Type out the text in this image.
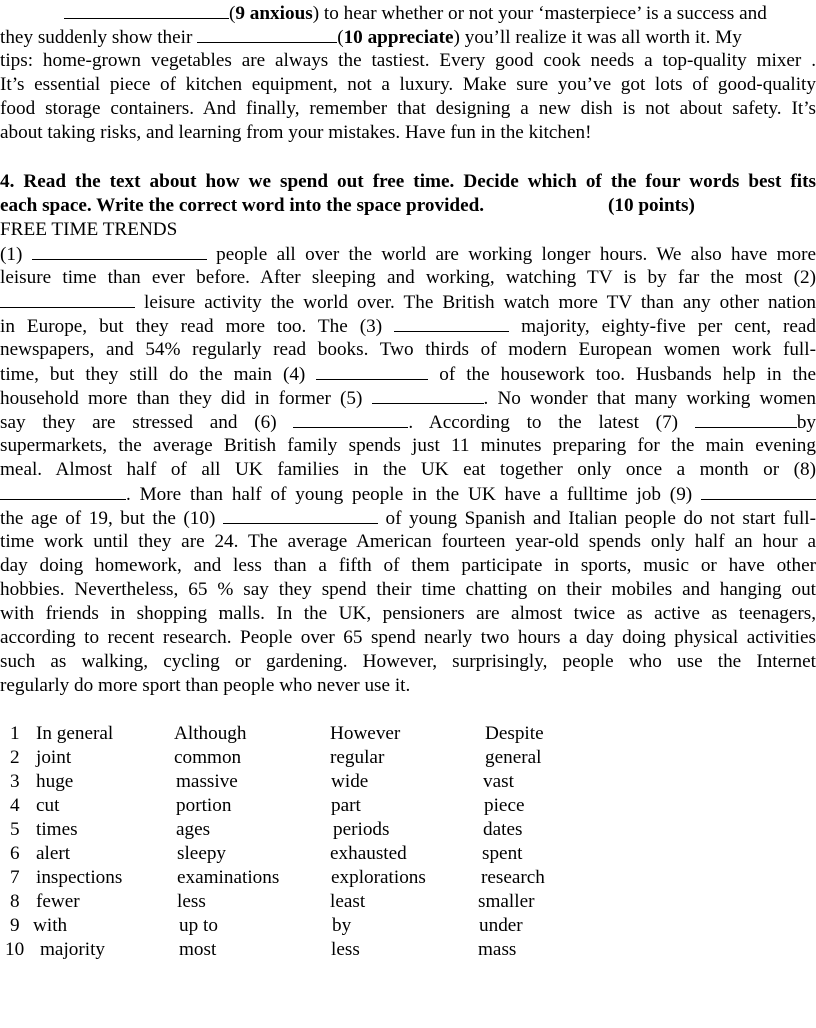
(9 anxious) to hear whether or not your ‘masterpiece’ is a success and
they suddenly show their	(10 appreciate) you’ll realize it was all worth it. My
tips: home-grown vegetables are always the tastiest. Every good cook needs a top-quality mixer .
It’s essential piece of kitchen equipment, not a luxury. Make sure you’ve got lots of good-quality
food storage containers. And finally, remember that designing a new dish is not about safety. It’s
about taking risks, and learning from your mistakes. Have fun in the kitchen!
4. Read the text about how we spend out free time. Decide which of the four words best fits
each space. Write the correct word into the space provided.	(10 points)
FREE TIME TRENDS
(1)	people all over the world are working longer hours. We also have more
leisure time than ever before. After sleeping and working, watching TV is by far the most (2)
leisure activity the world over. The British watch more TV than any other nation
in Europe, but they read more too. The (3)	majority, eighty-five per cent, read
newspapers, and 54% regularly read books. Two thirds of modern European women work full-
time, but they still do the main (4)	of the housework too. Husbands help in the
household more than they did in former (5)	. No wonder that many working women
say they are stressed and (6)	. According to the latest (7)	by
supermarkets, the average British family spends just 11 minutes preparing for the main evening
meal. Almost half of all UK families in the UK eat together only once a month or (8)
. More than half of young people in the UK have a fulltime job (9)
the age of 19, but the (10)	of young Spanish and Italian people do not start full-
time work until they are 24. The average American fourteen year-old spends only half an hour a
day doing homework, and less than a fifth of them participate in sports, music or have other
hobbies. Nevertheless, 65 % say they spend their time chatting on their mobiles and hanging out
with friends in shopping malls. In the UK, pensioners are almost twice as active as teenagers,
according to recent research. People over 65 spend nearly two hours a day doing physical activities
such as walking, cycling or gardening. However, surprisingly, people who use the Internet
regularly do more sport than people who never use it.
1 In general	Although	However	Despite
2 joint	common	regular	general
3 huge	massive	wide	vast
4 cut	portion	part	piece
5 times	ages	periods	dates
6 alert	sleepy	exhausted	spent
7 inspections	examinations	explorations	research
8 fewer	less	least	smaller
9 with	up to	by	under
10 majority	most	less	mass
